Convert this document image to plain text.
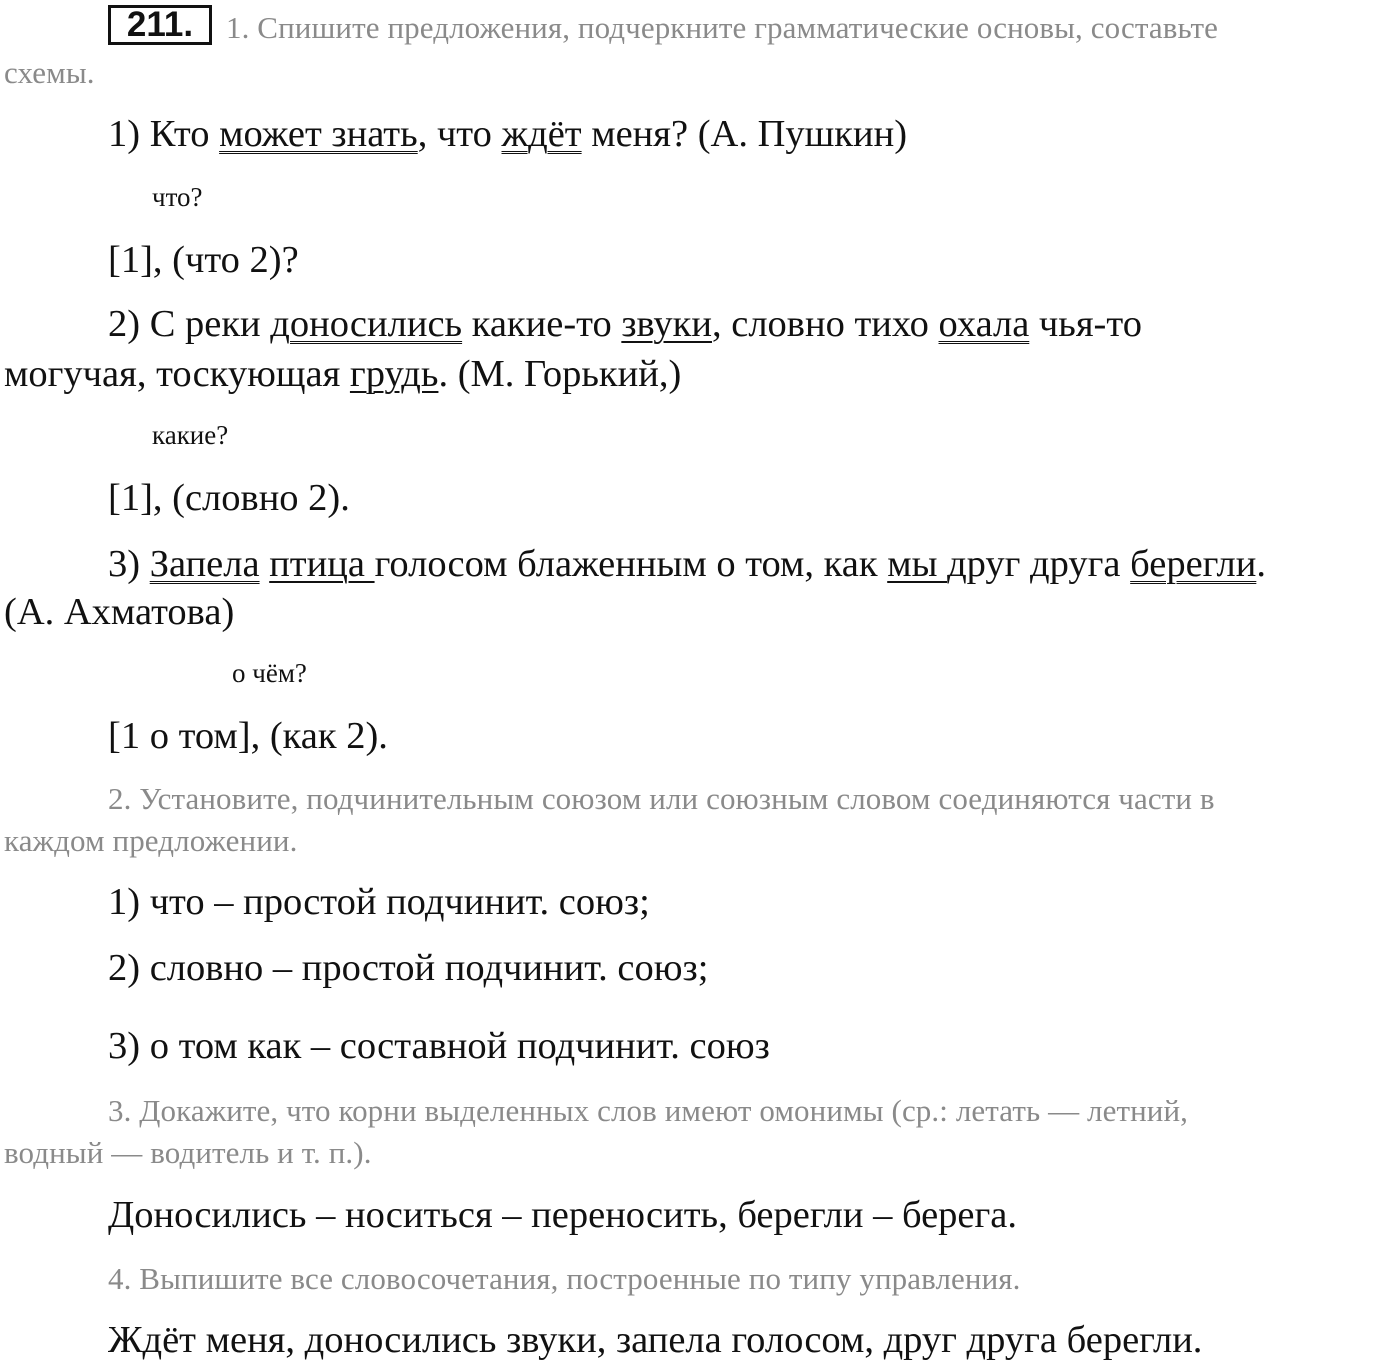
211.	1. Спишите предложения, подчеркните грамматические основы, составьте
схемы.
1) Кто может знать, что ждёт меня? (А. Пушкин)
что?
[1], (что 2)?
2) С реки доносились какие-то звуки, словно тихо охала чья-то
могучая, тоскующая грудь. (М. Горький,)
какие?
[1], (словно 2).
3) Запела птица голосом блаженным о том, как мы друг друга берегли.
(А. Ахматова)
о чём?
[1 о том], (как 2).
2. Установите, подчинительным союзом или союзным словом соединяются части в
каждом предложении.
1) что – простой подчинит. союз;
2) словно – простой подчинит. союз;
3) о том как – составной подчинит. союз
3. Докажите, что корни выделенных слов имеют омонимы (ср.: летать — летний,
водный — водитель и т. п.).
Доносились – носиться – переносить, берегли – берега.
4. Выпишите все словосочетания, построенные по типу управления.
Ждёт меня, доносились звуки, запела голосом, друг друга берегли.
